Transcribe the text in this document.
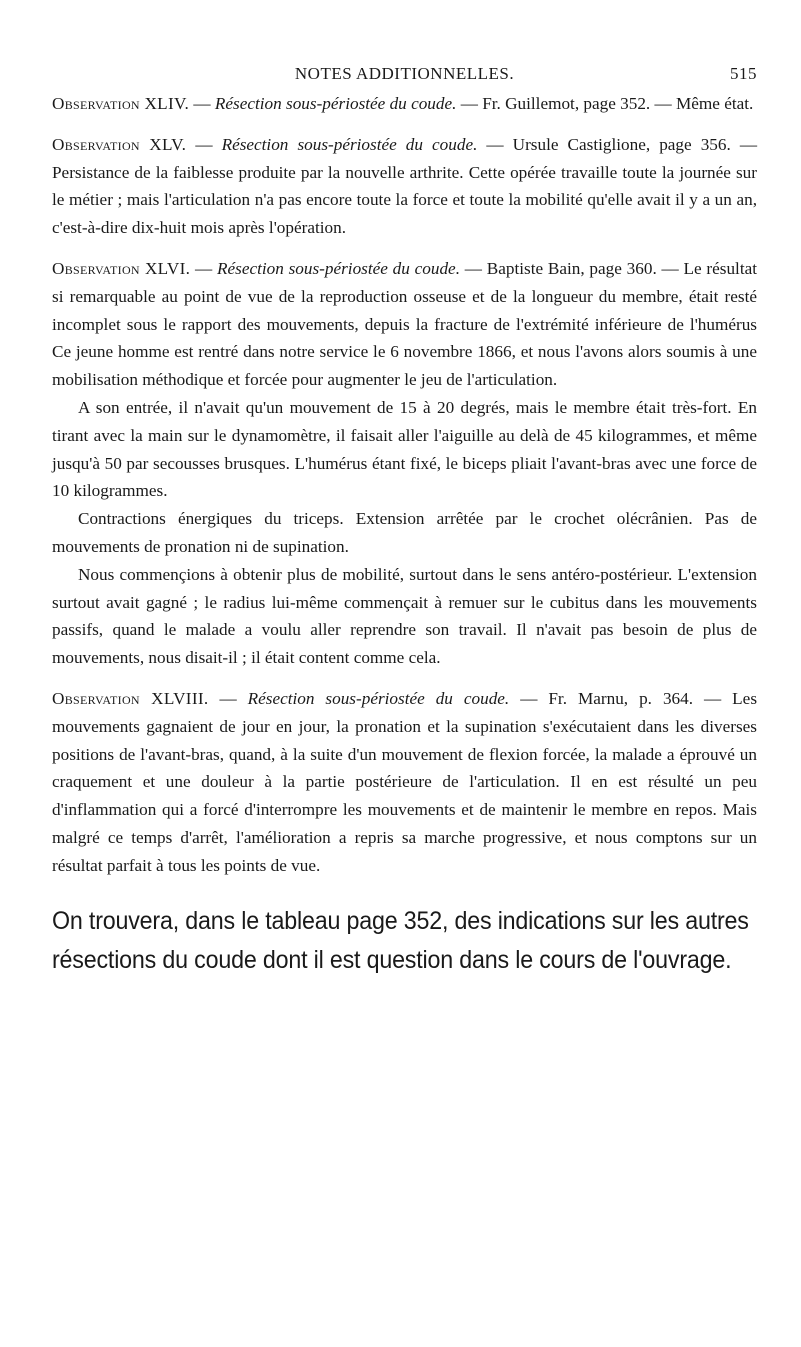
NOTES ADDITIONNELLES.	515

Observation XLIV. — Résection sous-périostée du coude. — Fr. Guillemot, page 352. — Même état.

Observation XLV. — Résection sous-périostée du coude. — Ursule Castiglione, page 356. — Persistance de la faiblesse produite par la nouvelle arthrite. Cette opérée travaille toute la journée sur le métier ; mais l'articulation n'a pas encore toute la force et toute la mobilité qu'elle avait il y a un an, c'est-à-dire dix-huit mois après l'opération.

Observation XLVI. — Résection sous-périostée du coude. — Baptiste Bain, page 360. — Le résultat si remarquable au point de vue de la reproduction osseuse et de la longueur du membre, était resté incomplet sous le rapport des mouvements, depuis la fracture de l'extrémité inférieure de l'humérus Ce jeune homme est rentré dans notre service le 6 novembre 1866, et nous l'avons alors soumis à une mobilisation méthodique et forcée pour augmenter le jeu de l'articulation.

A son entrée, il n'avait qu'un mouvement de 15 à 20 degrés, mais le membre était très-fort. En tirant avec la main sur le dynamomètre, il faisait aller l'aiguille au delà de 45 kilogrammes, et même jusqu'à 50 par secousses brusques. L'humérus étant fixé, le biceps pliait l'avant-bras avec une force de 10 kilogrammes.

Contractions énergiques du triceps. Extension arrêtée par le crochet olécrânien. Pas de mouvements de pronation ni de supination.

Nous commençions à obtenir plus de mobilité, surtout dans le sens antéro-postérieur. L'extension surtout avait gagné ; le radius lui-même commençait à remuer sur le cubitus dans les mouvements passifs, quand le malade a voulu aller reprendre son travail. Il n'avait pas besoin de plus de mouvements, nous disait-il ; il était content comme cela.

Observation XLVIII. — Résection sous-périostée du coude. — Fr. Marnu, p. 364. — Les mouvements gagnaient de jour en jour, la pronation et la supination s'exécutaient dans les diverses positions de l'avant-bras, quand, à la suite d'un mouvement de flexion forcée, la malade a éprouvé un craquement et une douleur à la partie postérieure de l'articulation. Il en est résulté un peu d'inflammation qui a forcé d'interrompre les mouvements et de maintenir le membre en repos. Mais malgré ce temps d'arrêt, l'amélioration a repris sa marche progressive, et nous comptons sur un résultat parfait à tous les points de vue.

On trouvera, dans le tableau page 352, des indications sur les autres résections du coude dont il est question dans le cours de l'ouvrage.
